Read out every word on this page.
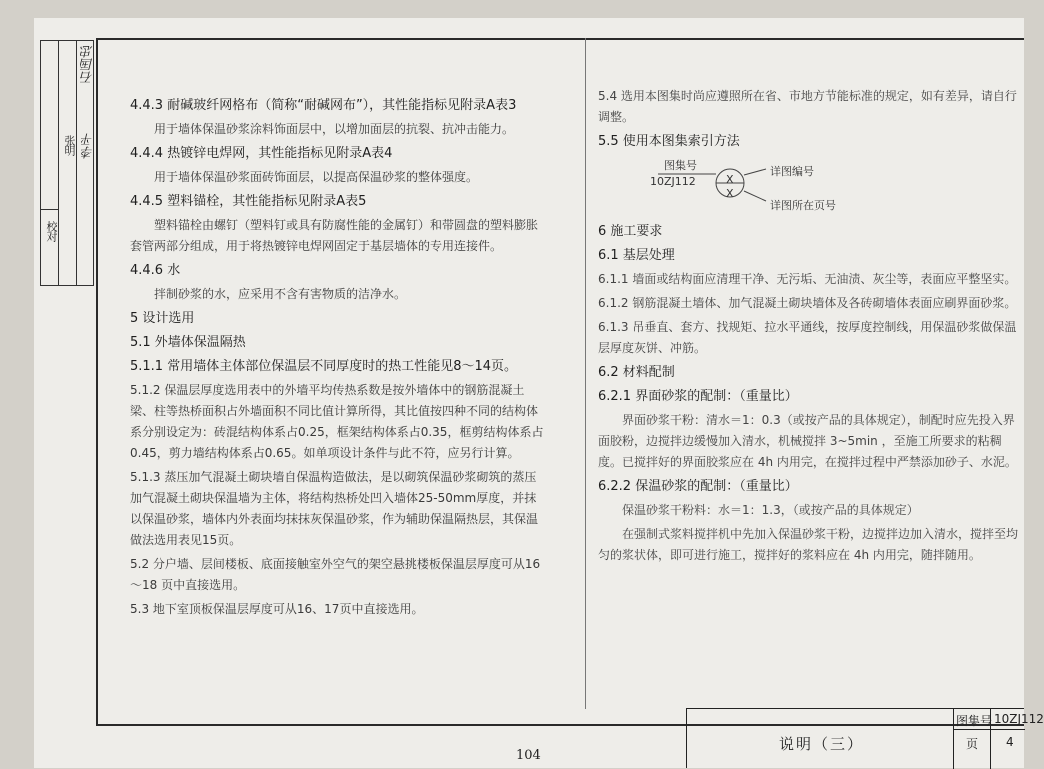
校对
张明
石国忠
李平

4.4.3 耐碱玻纤网格布（简称“耐碱网布”），其性能指标见附录A表3

用于墙体保温砂浆涂料饰面层中，以增加面层的抗裂、抗冲击能力。

4.4.4 热镀锌电焊网，其性能指标见附录A表4

用于墙体保温砂浆面砖饰面层，以提高保温砂浆的整体强度。

4.4.5 塑料锚栓，其性能指标见附录A表5

塑料锚栓由螺钉（塑料钉或具有防腐性能的金属钉）和带圆盘的塑料膨胀套管两部分组成，用于将热镀锌电焊网固定于基层墙体的专用连接件。

4.4.6 水

拌制砂浆的水，应采用不含有害物质的洁净水。

5 设计选用

5.1 外墙体保温隔热

5.1.1 常用墙体主体部位保温层不同厚度时的热工性能见8～14页。

5.1.2 保温层厚度选用表中的外墙平均传热系数是按外墙体中的钢筋混凝土梁、柱等热桥面积占外墙面积不同比值计算所得，其比值按四种不同的结构体系分别设定为：砖混结构体系占0.25，框架结构体系占0.35，框剪结构体系占0.45，剪力墙结构体系占0.65。如单项设计条件与此不符，应另行计算。

5.1.3 蒸压加气混凝土砌块墙自保温构造做法，是以砌筑保温砂浆砌筑的蒸压加气混凝土砌块保温墙为主体，将结构热桥处凹入墙体25-50mm厚度，并抹以保温砂浆，墙体内外表面均抹抹灰保温砂浆，作为辅助保温隔热层，其保温做法选用表见15页。

5.2 分户墙、层间楼板、底面接触室外空气的架空悬挑楼板保温层厚度可从16～18 页中直接选用。

5.3 地下室顶板保温层厚度可从16、17页中直接选用。

5.4 选用本图集时尚应遵照所在省、市地方节能标准的规定，如有差异，请自行调整。

5.5 使用本图集索引方法

图集号
10ZJ112	X
X
详图编号
详图所在页号

6 施工要求

6.1 基层处理

6.1.1 墙面或结构面应清理干净、无污垢、无油渍、灰尘等，表面应平整坚实。

6.1.2 钢筋混凝土墙体、加气混凝土砌块墙体及各砖砌墙体表面应刷界面砂浆。

6.1.3 吊垂直、套方、找规矩、拉水平通线，按厚度控制线，用保温砂浆做保温层厚度灰饼、冲筋。

6.2 材料配制

6.2.1 界面砂浆的配制：（重量比）

界面砂浆干粉：清水＝1：0.3（或按产品的具体规定），制配时应先投入界面胶粉，边搅拌边缓慢加入清水，机械搅拌 3~5min ，至施工所要求的粘稠度。已搅拌好的界面胶浆应在 4h 内用完，在搅拌过程中严禁添加砂子、水泥。

6.2.2 保温砂浆的配制：（重量比）

保温砂浆干粉料：水＝1：1.3，（或按产品的具体规定）

在强制式浆料搅拌机中先加入保温砂浆干粉，边搅拌边加入清水，搅拌至均匀的浆状体，即可进行施工，搅拌好的浆料应在 4h 内用完，随拌随用。

说明（三）
图集号 10ZJ112
页 4
104
